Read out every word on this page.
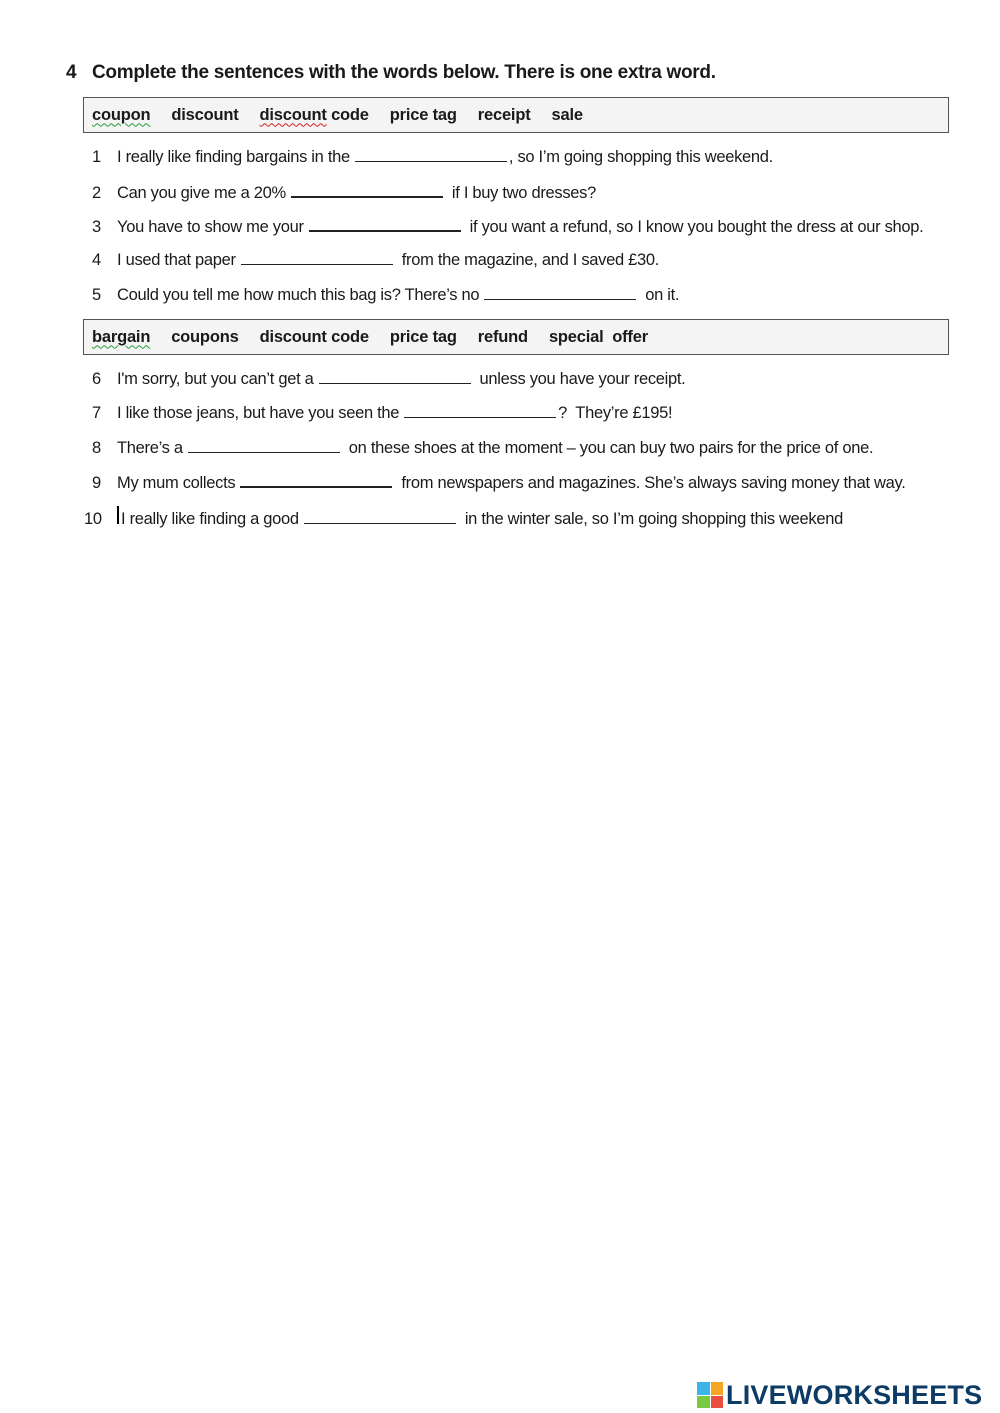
4 Complete the sentences with the words below. There is one extra word.
coupon discount discount code price tag receipt sale
1 I really like finding bargains in the	, so I’m going shopping this weekend.
2 Can you give me a 20%	if I buy two dresses?
3 You have to show me your	if you want a refund, so I know you bought the dress at our shop.
4 I used that paper	from the magazine, and I saved £30.
5 Could you tell me how much this bag is? There’s no	on it.
bargain coupons discount code price tag refund special  offer
6 I'm sorry, but you can’t get a	unless you have your receipt.
7 I like those jeans, but have you seen the	?  They’re £195!
8 There’s a	on these shoes at the moment – you can buy two pairs for the price of one.
9 My mum collects	from newspapers and magazines. She’s always saving money that way.
10	I really like finding a good	in the winter sale, so I’m going shopping this weekend
LIVEWORKSHEETS
